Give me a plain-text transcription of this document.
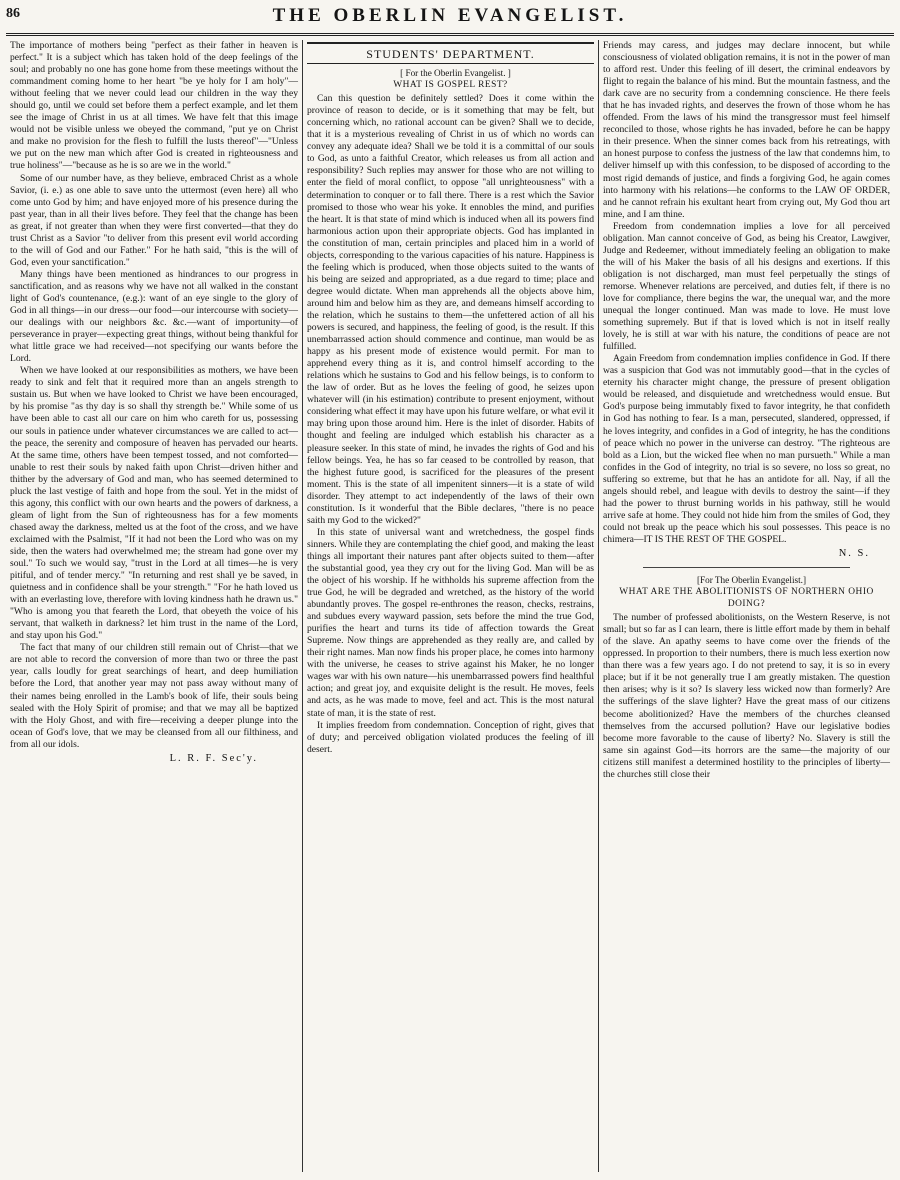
86	THE OBERLIN EVANGELIST.

The importance of mothers being "perfect as their father in heaven is perfect." It is a subject which has taken hold of the deep feelings of the soul; and probably no one has gone home from these meetings without the commandment coming home to her heart "be ye holy for I am holy"—without feeling that we never could lead our children in the way they should go, until we could set before them a perfect example, and let them see the image of Christ in us at all times. We have felt that this image would not be visible unless we obeyed the command, "put ye on Christ and make no provision for the flesh to fulfill the lusts thereof"—"Unless we put on the new man which after God is created in righteousness and true holiness"—"because as he is so are we in the world."

Some of our number have, as they believe, embraced Christ as a whole Savior, (i. e.) as one able to save unto the uttermost (even here) all who come unto God by him; and have enjoyed more of his presence during the past year, than in all their lives before. They feel that the change has been as great, if not greater than when they were first converted—that they do trust Christ as a Savior "to deliver from this present evil world according to the will of God and our Father." For he hath said, "this is the will of God, even your sanctification."

Many things have been mentioned as hindrances to our progress in sanctification, and as reasons why we have not all walked in the constant light of God's countenance, (e.g.): want of an eye single to the glory of God in all things—in our dress—our food—our intercourse with society—our dealings with our neighbors &c. &c.—want of importunity—of perseverance in prayer—expecting great things, without being thankful for what little grace we had received—not specifying our wants before the Lord.

When we have looked at our responsibilities as mothers, we have been ready to sink and felt that it required more than an angels strength to sustain us. But when we have looked to Christ we have been encouraged, by his promise "as thy day is so shall thy strength be." While some of us have been able to cast all our care on him who careth for us, possessing our souls in patience under whatever circumstances we are called to act—the peace, the serenity and composure of heaven has pervaded our hearts. At the same time, others have been tempest tossed, and not comforted—unable to rest their souls by naked faith upon Christ—driven hither and thither by the adversary of God and man, who has seemed determined to pluck the last vestige of faith and hope from the soul. Yet in the midst of this agony, this conflict with our own hearts and the powers of darkness, a gleam of light from the Sun of righteousness has for a few moments chased away the darkness, melted us at the foot of the cross, and we have exclaimed with the Psalmist, "If it had not been the Lord who was on my side, then the waters had overwhelmed me; the stream had gone over my soul." To such we would say, "trust in the Lord at all times—he is very pitiful, and of tender mercy." "In returning and rest shall ye be saved, in quietness and in confidence shall be your strength." "For he hath loved us with an everlasting love, therefore with loving kindness hath he drawn us." "Who is among you that feareth the Lord, that obeyeth the voice of his servant, that walketh in darkness? let him trust in the name of the Lord, and stay upon his God."

The fact that many of our children still remain out of Christ—that we are not able to record the conversion of more than two or three the past year, calls loudly for great searchings of heart, and deep humiliation before the Lord, that another year may not pass away without many of their names being enrolled in the Lamb's book of life, their souls being sealed with the Holy Spirit of promise; and that we may all be baptized with the Holy Ghost, and with fire—receiving a deeper plunge into the ocean of God's love, that we may be cleansed from all our filthiness, and from all our idols.

L. R. F. Sec'y.
STUDENTS' DEPARTMENT.

[ For the Oberlin Evangelist. ]

WHAT IS GOSPEL REST?

Can this question be definitely settled? Does it come within the province of reason to decide, or is it something that may be felt, but concerning which, no rational account can be given? Shall we to decide, that it is a mysterious revealing of Christ in us of which no words can convey any adequate idea? Shall we be told it is a committal of our souls to God, as unto a faithful Creator, which releases us from all action and responsibility? Such replies may answer for those who are not willing to enter the field of moral conflict, to oppose "all unrighteousness" with a determination to conquer or to fall there. There is a rest which the Savior promised to those who wear his yoke. It ennobles the mind, and purifies the heart. It is that state of mind which is induced when all its powers find harmonious action upon their appropriate objects. God has implanted in the constitution of man, certain principles and placed him in a world of objects, corresponding to the various capacities of his nature. Happiness is the feeling which is produced, when those objects suited to the wants of his being are seized and appropriated, as a due regard to time; place and degree would dictate. When man apprehends all the objects above him, around him and below him as they are, and demeans himself according to the relation, which he sustains to them—the unfettered action of all his powers is secured, and happiness, the feeling of good, is the result. If this unembarrassed action should commence and continue, man would be as happy as his present mode of existence would permit. For man to apprehend every thing as it is, and control himself according to the relations which he sustains to God and his fellow beings, is to conform to the law of order. But as he loves the feeling of good, he seizes upon whatever will (in his estimation) contribute to present enjoyment, without considering what effect it may have upon his future welfare, or what evil it may bring upon those around him. Here is the inlet of disorder. Habits of thought and feeling are indulged which establish his character as a pleasure seeker. In this state of mind, he invades the rights of God and his fellow beings. Yea, he has so far ceased to be controlled by reason, that the highest future good, is sacrificed for the pleasures of the present moment. This is the state of all impenitent sinners—it is a state of wild disorder. They attempt to act independently of the laws of their own constitution. Is it wonderful that the Bible declares, "there is no peace saith my God to the wicked?"

In this state of universal want and wretchedness, the gospel finds sinners. While they are contemplating the chief good, and making the least things all important their natures pant after objects suited to them—after the substantial good, yea they cry out for the living God. Man will be as the object of his worship. If he withholds his supreme affection from the true God, he will be degraded and wretched, as the history of the world abundantly proves. The gospel re-enthrones the reason, checks, restrains, and subdues every wayward passion, sets before the mind the true God, purifies the heart and turns its tide of affection towards the Great Supreme. Now things are apprehended as they really are, and called by their right names. Man now finds his proper place, he comes into harmony with the universe, he ceases to strive against his Maker, he no longer wages war with his own nature—his unembarrassed powers find healthful action; and great joy, and exquisite delight is the result. He moves, feels and acts, as he was made to move, feel and act. This is the most natural state of man, it is the state of rest.

It implies freedom from condemnation. Conception of right, gives that of duty; and perceived obligation violated produces the feeling of ill desert.

Friends may caress, and judges may declare innocent, but while consciousness of violated obligation remains, it is not in the power of man to afford rest. Under this feeling of ill desert, the criminal endeavors by flight to regain the balance of his mind. But the mountain fastness, and the dark cave are no security from a condemning conscience. He there feels that he has invaded rights, and deserves the frown of those whom he has offended. From the laws of his mind the transgressor must feel himself reconciled to those, whose rights he has invaded, before he can be happy in their presence. When the sinner comes back from his retreatings, with an honest purpose to confess the justness of the law that condemns him, to deliver himself up with this confession, to be disposed of according to the most rigid demands of justice, and finds a forgiving God, he again comes into harmony with his relations—he conforms to the LAW OF ORDER, and he cannot refrain his exultant heart from crying out, My God thou art mine, and I am thine.

Freedom from condemnation implies a love for all perceived obligation. Man cannot conceive of God, as being his Creator, Lawgiver, Judge and Redeemer, without immediately feeling an obligation to make the will of his Maker the basis of all his designs and exertions. If this obligation is not discharged, man must feel perpetually the stings of remorse. Whenever relations are perceived, and duties felt, if there is no love for compliance, there begins the war, the unequal war, and the more unequal the longer continued. Man was made to love. He must love something supremely. But if that is loved which is not in itself really lovely, he is still at war with his nature, the conditions of peace are not fulfilled.

Again Freedom from condemnation implies confidence in God. If there was a suspicion that God was not immutably good—that in the cycles of eternity his character might change, the pressure of present obligation would be released, and disquietude and wretchedness would ensue. But God's purpose being immutably fixed to favor integrity, he that confideth in God has nothing to fear. Is a man, persecuted, slandered, oppressed, if he loves integrity, and confides in a God of integrity, he has the conditions of peace which no power in the universe can destroy. "The righteous are bold as a Lion, but the wicked flee when no man pursueth." While a man confides in the God of integrity, no trial is so severe, no loss so great, no suffering so extreme, but that he has an antidote for all. Nay, if all the angels should rebel, and league with devils to destroy the saint—if they had the power to thrust burning worlds in his pathway, still he would arrive safe at home. They could not hide him from the smiles of God, they could not break up the peace which his soul possesses. This peace is no chimera—IT IS THE REST OF THE GOSPEL.

N. S.

[For The Oberlin Evangelist.]

WHAT ARE THE ABOLITIONISTS OF NORTHERN OHIO DOING?

The number of professed abolitionists, on the Western Reserve, is not small; but so far as I can learn, there is little effort made by them in behalf of the slave. An apathy seems to have come over the friends of the oppressed. In proportion to their numbers, there is much less exertion now than there was a few years ago. I do not pretend to say, it is so in every place; but if it be not generally true I am greatly mistaken. The question then arises; why is it so? Is slavery less wicked now than formerly? Are the sufferings of the slave lighter? Have the great mass of our citizens become abolitionized? Have the members of the churches cleansed themselves from the accursed pollution? Have our legislative bodies become more favorable to the cause of liberty? No. Slavery is still the same sin against God—its horrors are the same—the majority of our citizens still manifest a determined hostility to the principles of liberty—the churches still close their
